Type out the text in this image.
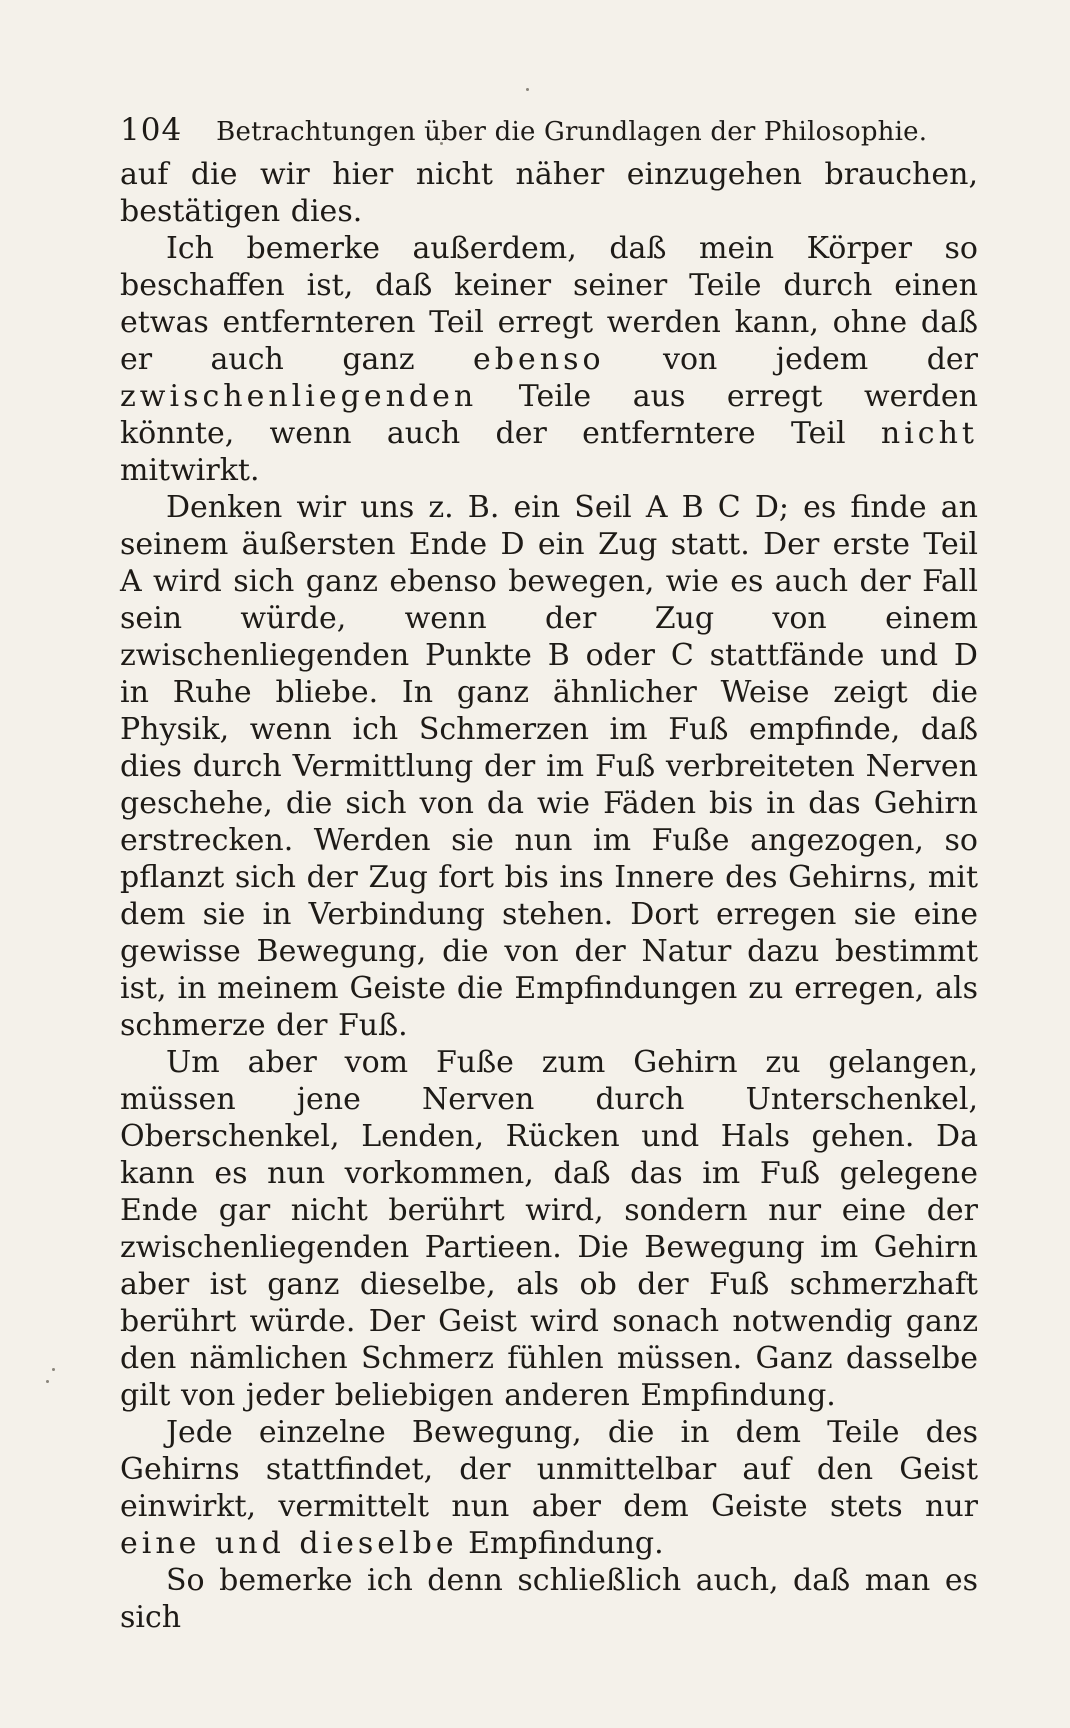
104 Betrachtungen über die Grundlagen der Philosophie.

auf die wir hier nicht näher einzugehen brauchen, bestätigen dies.

Ich bemerke außerdem, daß mein Körper so beschaffen ist, daß keiner seiner Teile durch einen etwas entfernteren Teil erregt werden kann, ohne daß er auch ganz ebenso von jedem der zwischenliegenden Teile aus erregt werden könnte, wenn auch der entferntere Teil nicht mitwirkt.

Denken wir uns z. B. ein Seil A B C D; es finde an seinem äußersten Ende D ein Zug statt. Der erste Teil A wird sich ganz ebenso bewegen, wie es auch der Fall sein würde, wenn der Zug von einem zwischenliegenden Punkte B oder C stattfände und D in Ruhe bliebe. In ganz ähnlicher Weise zeigt die Physik, wenn ich Schmerzen im Fuß empfinde, daß dies durch Vermittlung der im Fuß verbreiteten Nerven geschehe, die sich von da wie Fäden bis in das Gehirn erstrecken. Werden sie nun im Fuße angezogen, so pflanzt sich der Zug fort bis ins Innere des Gehirns, mit dem sie in Verbindung stehen. Dort erregen sie eine gewisse Bewegung, die von der Natur dazu bestimmt ist, in meinem Geiste die Empfindungen zu erregen, als schmerze der Fuß.

Um aber vom Fuße zum Gehirn zu gelangen, müssen jene Nerven durch Unterschenkel, Oberschenkel, Lenden, Rücken und Hals gehen. Da kann es nun vorkommen, daß das im Fuß gelegene Ende gar nicht berührt wird, sondern nur eine der zwischenliegenden Partieen. Die Bewegung im Gehirn aber ist ganz dieselbe, als ob der Fuß schmerzhaft berührt würde. Der Geist wird sonach notwendig ganz den nämlichen Schmerz fühlen müssen. Ganz dasselbe gilt von jeder beliebigen anderen Empfindung.

Jede einzelne Bewegung, die in dem Teile des Gehirns stattfindet, der unmittelbar auf den Geist einwirkt, vermittelt nun aber dem Geiste stets nur eine und dieselbe Empfindung.

So bemerke ich denn schließlich auch, daß man es sich
